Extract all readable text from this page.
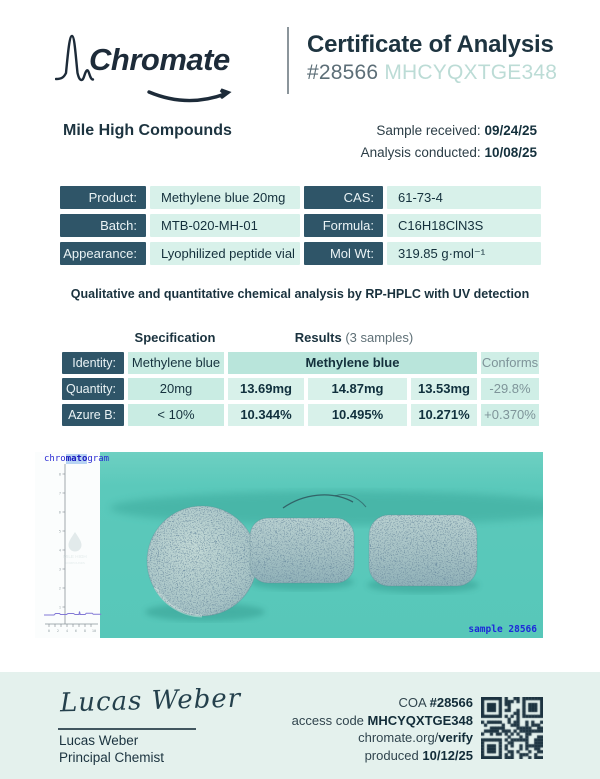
Chromate	Certificate of Analysis
#28566 MHCYQXTGE348
Mile High Compounds	Sample received: 09/24/25
Analysis conducted: 10/08/25
Product:	Methylene blue 20mg	CAS:	61-73-4
Batch:	MTB-020-MH-01	Formula:	C16H18ClN3S
Appearance:	Lyophilized peptide vial	Mol Wt:	319.85 g·mol⁻¹
Qualitative and quantitative chemical analysis by RP-HPLC with UV detection
Specification	Results (3 samples)
Identity:	Methylene blue	Methylene blue	Conforms
Quantity:	20mg	13.69mg	14.87mg	13.53mg	-29.8%
Azure B:	< 10%	10.344%	10.495%	10.271%	+0.370%
8
7
6
5
4
3
2
1
0 2 4 6 8 10
MILE HIGH
COMPOUNDS
chromatogram
sample 28566
Lucas Weber
Lucas Weber
Principal Chemist
COA #28566
access code MHCYQXTGE348
chromate.org/verify
produced 10/12/25
